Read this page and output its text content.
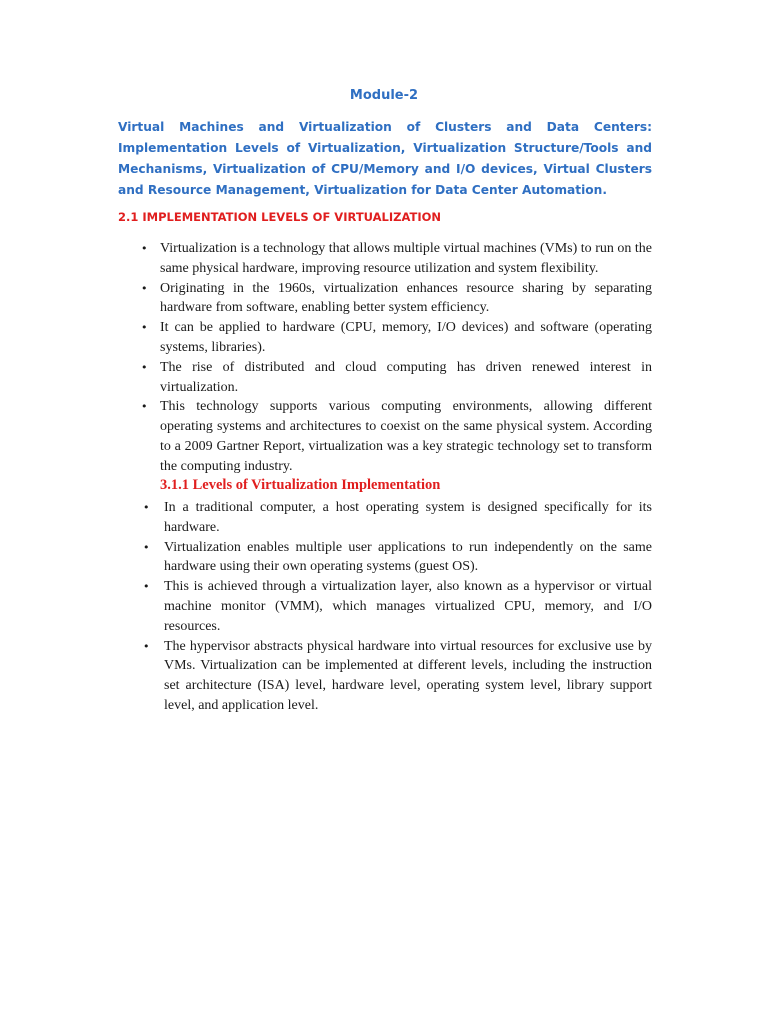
Module-2

Virtual Machines and Virtualization of Clusters and Data Centers: Implementation Levels of Virtualization, Virtualization Structure/Tools and Mechanisms, Virtualization of CPU/Memory and I/O devices, Virtual Clusters and Resource Management, Virtualization for Data Center Automation.

2.1 IMPLEMENTATION LEVELS OF VIRTUALIZATION
• Virtualization is a technology that allows multiple virtual machines (VMs) to run on the same physical hardware, improving resource utilization and system flexibility.
• Originating in the 1960s, virtualization enhances resource sharing by separating hardware from software, enabling better system efficiency.
• It can be applied to hardware (CPU, memory, I/O devices) and software (operating systems, libraries).
• The rise of distributed and cloud computing has driven renewed interest in virtualization.
• This technology supports various computing environments, allowing different operating systems and architectures to coexist on the same physical system. According to a 2009 Gartner Report, virtualization was a key strategic technology set to transform the computing industry.
3.1.1 Levels of Virtualization Implementation
• In a traditional computer, a host operating system is designed specifically for its hardware.
• Virtualization enables multiple user applications to run independently on the same hardware using their own operating systems (guest OS).
• This is achieved through a virtualization layer, also known as a hypervisor or virtual machine monitor (VMM), which manages virtualized CPU, memory, and I/O resources.
• The hypervisor abstracts physical hardware into virtual resources for exclusive use by VMs. Virtualization can be implemented at different levels, including the instruction set architecture (ISA) level, hardware level, operating system level, library support level, and application level.
